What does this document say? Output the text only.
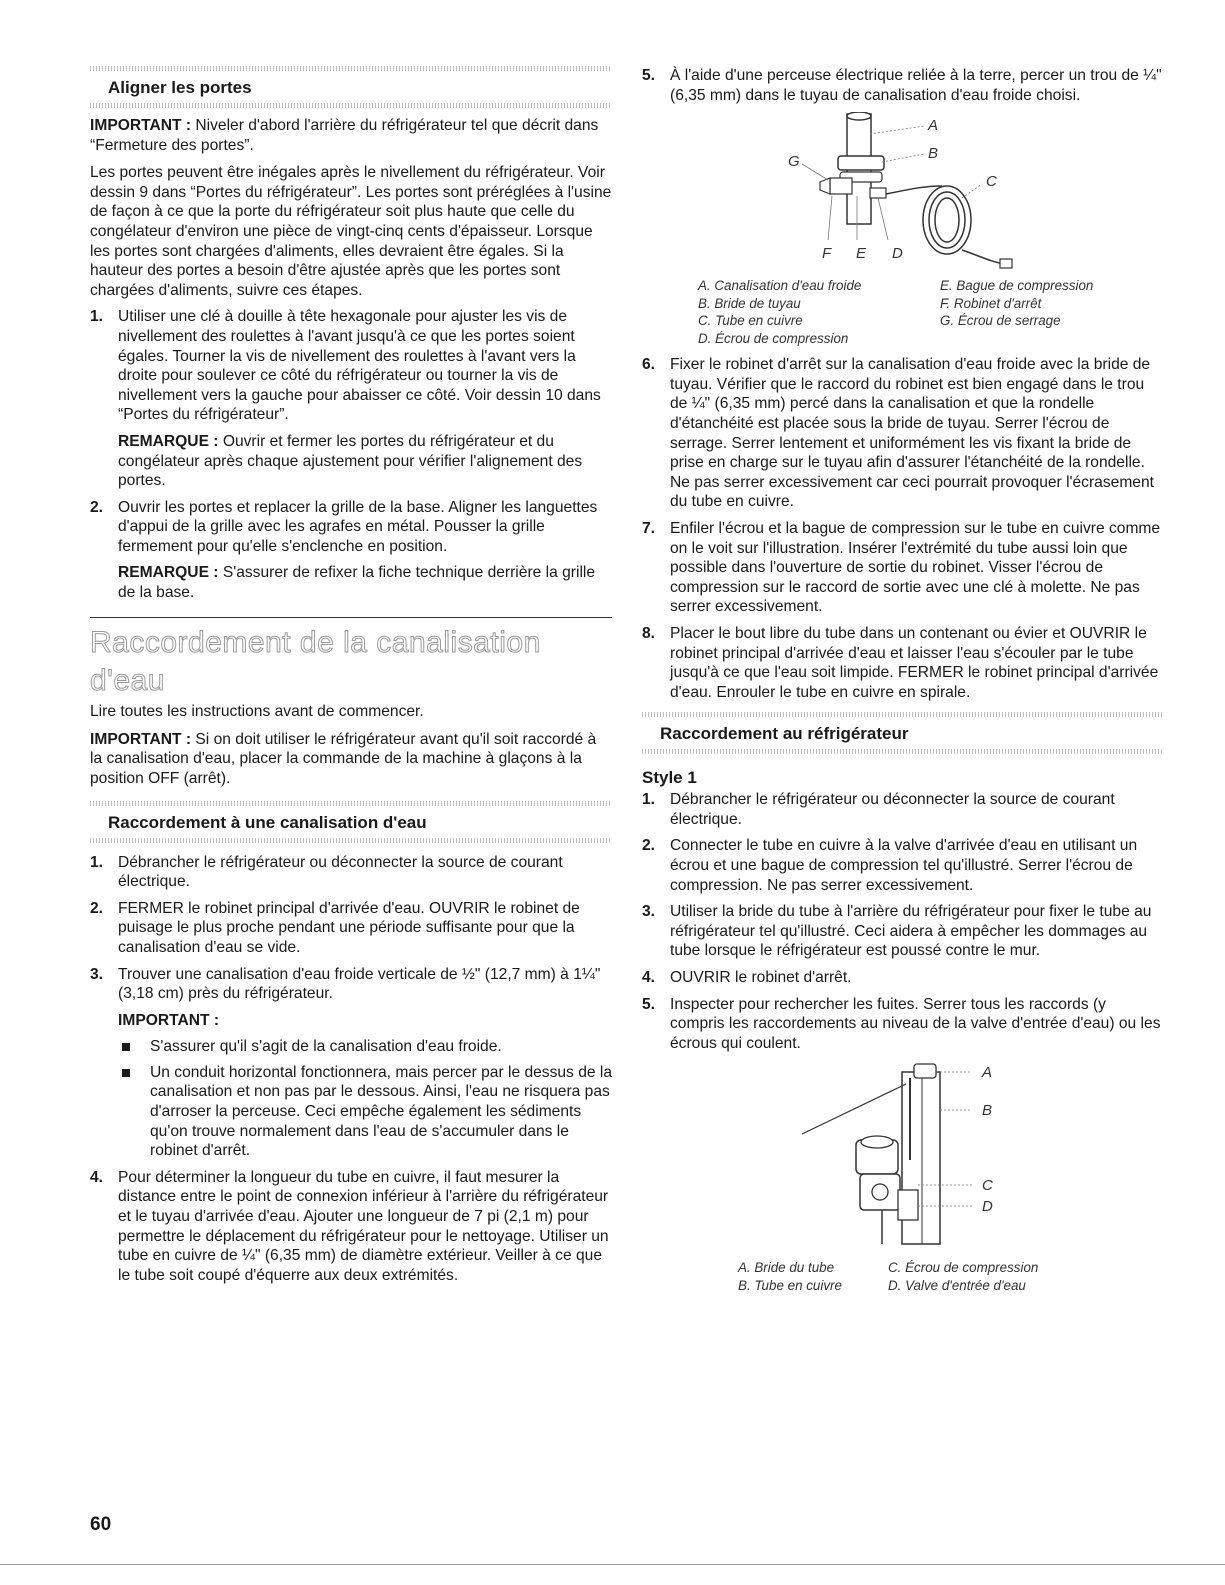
Aligner les portes

IMPORTANT : Niveler d'abord l'arrière du réfrigérateur tel que décrit dans “Fermeture des portes”.

Les portes peuvent être inégales après le nivellement du réfrigérateur. Voir dessin 9 dans “Portes du réfrigérateur”. Les portes sont préréglées à l'usine de façon à ce que la porte du réfrigérateur soit plus haute que celle du congélateur d'environ une pièce de vingt-cinq cents d'épaisseur. Lorsque les portes sont chargées d'aliments, elles devraient être égales. Si la hauteur des portes a besoin d'être ajustée après que les portes sont chargées d'aliments, suivre ces étapes.

1. Utiliser une clé à douille à tête hexagonale pour ajuster les vis de nivellement des roulettes à l'avant jusqu'à ce que les portes soient égales. Tourner la vis de nivellement des roulettes à l'avant vers la droite pour soulever ce côté du réfrigérateur ou tourner la vis de nivellement vers la gauche pour abaisser ce côté. Voir dessin 10 dans “Portes du réfrigérateur”.

REMARQUE : Ouvrir et fermer les portes du réfrigérateur et du congélateur après chaque ajustement pour vérifier l'alignement des portes.

2. Ouvrir les portes et replacer la grille de la base. Aligner les languettes d'appui de la grille avec les agrafes en métal. Pousser la grille fermement pour qu'elle s'enclenche en position.

REMARQUE : S'assurer de refixer la fiche technique derrière la grille de la base.

Raccordement de la canalisation d'eau

Lire toutes les instructions avant de commencer.

IMPORTANT : Si on doit utiliser le réfrigérateur avant qu'il soit raccordé à la canalisation d'eau, placer la commande de la machine à glaçons à la position OFF (arrêt).

Raccordement à une canalisation d'eau
1. Débrancher le réfrigérateur ou déconnecter la source de courant électrique.
2. FERMER le robinet principal d'arrivée d'eau. OUVRIR le robinet de puisage le plus proche pendant une période suffisante pour que la canalisation d'eau se vide.
3. Trouver une canalisation d'eau froide verticale de ½" (12,7 mm) à 1¼" (3,18 cm) près du réfrigérateur.

IMPORTANT :

S'assurer qu'il s'agit de la canalisation d'eau froide.
Un conduit horizontal fonctionnera, mais percer par le dessus de la canalisation et non pas par le dessous. Ainsi, l'eau ne risquera pas d'arroser la perceuse. Ceci empêche également les sédiments qu'on trouve normalement dans l'eau de s'accumuler dans le robinet d'arrêt.
4. Pour déterminer la longueur du tube en cuivre, il faut mesurer la distance entre le point de connexion inférieur à l'arrière du réfrigérateur et le tuyau d'arrivée d'eau. Ajouter une longueur de 7 pi (2,1 m) pour permettre le déplacement du réfrigérateur pour le nettoyage. Utiliser un tube en cuivre de ¼" (6,35 mm) de diamètre extérieur. Veiller à ce que le tube soit coupé d'équerre aux deux extrémités.
5. À l'aide d'une perceuse électrique reliée à la terre, percer un trou de ¼" (6,35 mm) dans le tuyau de canalisation d'eau froide choisi.
A
B
C
D
E
F
G
A. Canalisation d'eau froide	E. Bague de compression
B. Bride de tuyau	F. Robinet d'arrêt
C. Tube en cuivre	G. Écrou de serrage
D. Écrou de compression
6. Fixer le robinet d'arrêt sur la canalisation d'eau froide avec la bride de tuyau. Vérifier que le raccord du robinet est bien engagé dans le trou de ¼" (6,35 mm) percé dans la canalisation et que la rondelle d'étanchéité est placée sous la bride de tuyau. Serrer l'écrou de serrage. Serrer lentement et uniformément les vis fixant la bride de prise en charge sur le tuyau afin d'assurer l'étanchéité de la rondelle. Ne pas serrer excessivement car ceci pourrait provoquer l'écrasement du tube en cuivre.
7. Enfiler l'écrou et la bague de compression sur le tube en cuivre comme on le voit sur l'illustration. Insérer l'extrémité du tube aussi loin que possible dans l'ouverture de sortie du robinet. Visser l'écrou de compression sur le raccord de sortie avec une clé à molette. Ne pas serrer excessivement.
8. Placer le bout libre du tube dans un contenant ou évier et OUVRIR le robinet principal d'arrivée d'eau et laisser l'eau s'écouler par le tube jusqu'à ce que l'eau soit limpide. FERMER le robinet principal d'arrivée d'eau. Enrouler le tube en cuivre en spirale.
Raccordement au réfrigérateur
Style 1
1. Débrancher le réfrigérateur ou déconnecter la source de courant électrique.
2. Connecter le tube en cuivre à la valve d'arrivée d'eau en utilisant un écrou et une bague de compression tel qu'illustré. Serrer l'écrou de compression. Ne pas serrer excessivement.
3. Utiliser la bride du tube à l'arrière du réfrigérateur pour fixer le tube au réfrigérateur tel qu'illustré. Ceci aidera à empêcher les dommages au tube lorsque le réfrigérateur est poussé contre le mur.
4. OUVRIR le robinet d'arrêt.
5. Inspecter pour rechercher les fuites. Serrer tous les raccords (y compris les raccordements au niveau de la valve d'entrée d'eau) ou les écrous qui coulent.
A
B
C
D
A. Bride du tube	C. Écrou de compression
B. Tube en cuivre	D. Valve d'entrée d'eau
60
